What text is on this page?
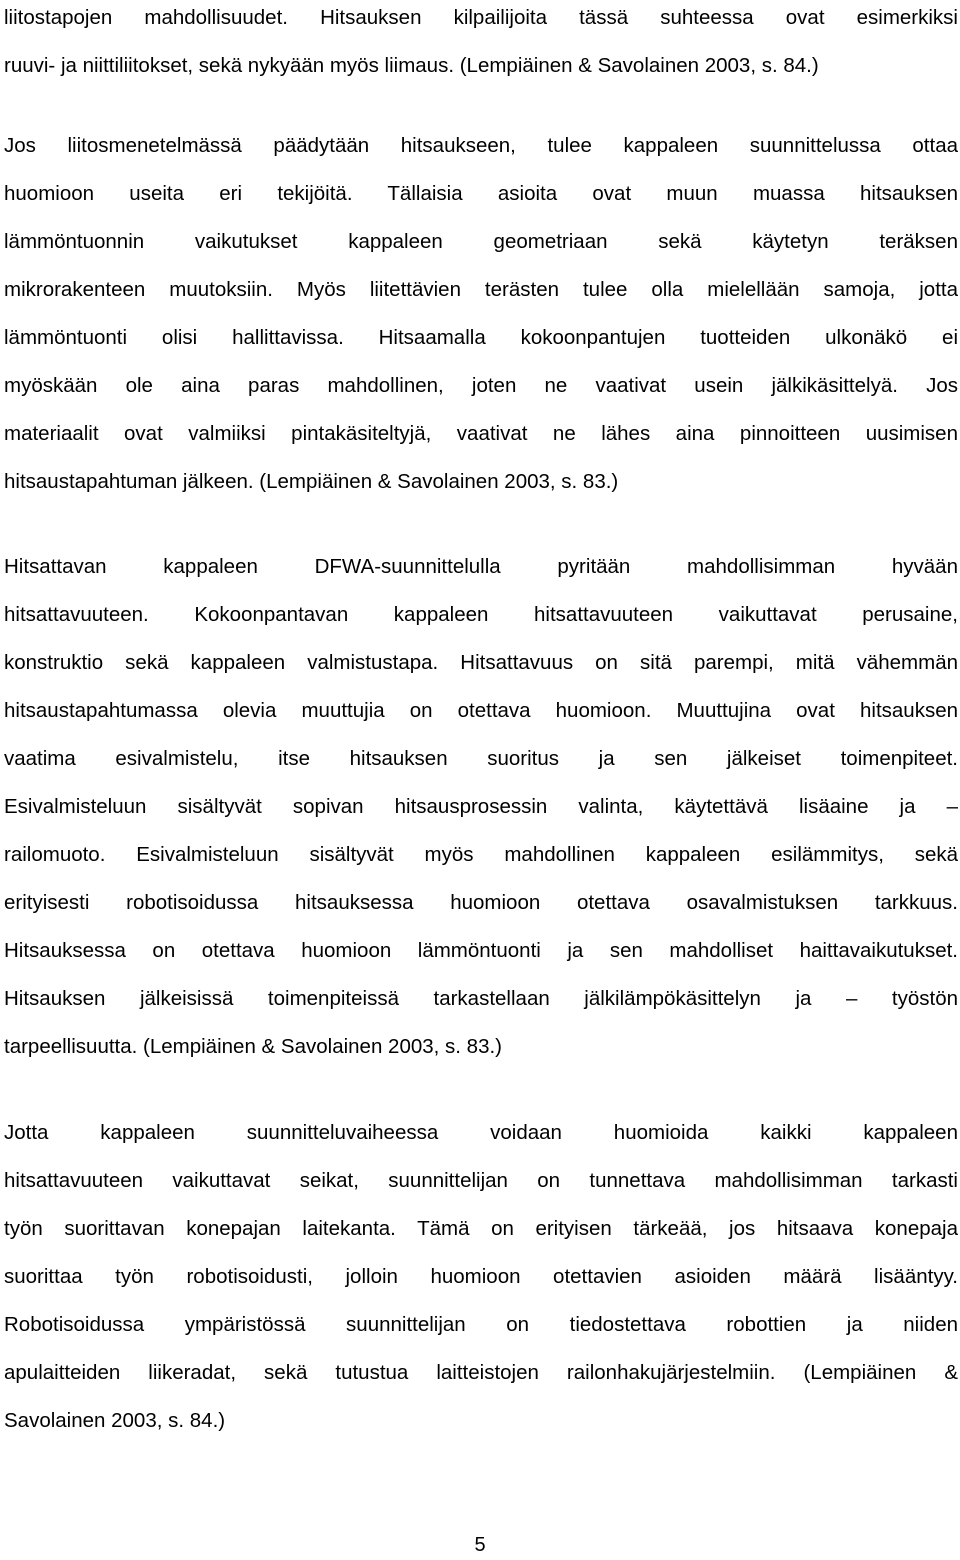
liitostapojen mahdollisuudet. Hitsauksen kilpailijoita tässä suhteessa ovat esimerkiksi
ruuvi- ja niittiliitokset, sekä nykyään myös liimaus. (Lempiäinen & Savolainen 2003, s. 84.)
Jos liitosmenetelmässä päädytään hitsaukseen, tulee kappaleen suunnittelussa ottaa
huomioon useita eri tekijöitä. Tällaisia asioita ovat muun muassa hitsauksen
lämmöntuonnin vaikutukset kappaleen geometriaan sekä käytetyn teräksen
mikrorakenteen muutoksiin. Myös liitettävien terästen tulee olla mielellään samoja, jotta
lämmöntuonti olisi hallittavissa. Hitsaamalla kokoonpantujen tuotteiden ulkonäkö ei
myöskään ole aina paras mahdollinen, joten ne vaativat usein jälkikäsittelyä. Jos
materiaalit ovat valmiiksi pintakäsiteltyjä, vaativat ne lähes aina pinnoitteen uusimisen
hitsaustapahtuman jälkeen. (Lempiäinen & Savolainen 2003, s. 83.)
Hitsattavan kappaleen DFWA-suunnittelulla pyritään mahdollisimman hyvään
hitsattavuuteen. Kokoonpantavan kappaleen hitsattavuuteen vaikuttavat perusaine,
konstruktio sekä kappaleen valmistustapa. Hitsattavuus on sitä parempi, mitä vähemmän
hitsaustapahtumassa olevia muuttujia on otettava huomioon. Muuttujina ovat hitsauksen
vaatima esivalmistelu, itse hitsauksen suoritus ja sen jälkeiset toimenpiteet.
Esivalmisteluun sisältyvät sopivan hitsausprosessin valinta, käytettävä lisäaine ja –
railomuoto. Esivalmisteluun sisältyvät myös mahdollinen kappaleen esilämmitys, sekä
erityisesti robotisoidussa hitsauksessa huomioon otettava osavalmistuksen tarkkuus.
Hitsauksessa on otettava huomioon lämmöntuonti ja sen mahdolliset haittavaikutukset.
Hitsauksen jälkeisissä toimenpiteissä tarkastellaan jälkilämpökäsittelyn ja – työstön
tarpeellisuutta. (Lempiäinen & Savolainen 2003, s. 83.)
Jotta kappaleen suunnitteluvaiheessa voidaan huomioida kaikki kappaleen
hitsattavuuteen vaikuttavat seikat, suunnittelijan on tunnettava mahdollisimman tarkasti
työn suorittavan konepajan laitekanta. Tämä on erityisen tärkeää, jos hitsaava konepaja
suorittaa työn robotisoidusti, jolloin huomioon otettavien asioiden määrä lisääntyy.
Robotisoidussa ympäristössä suunnittelijan on tiedostettava robottien ja niiden
apulaitteiden liikeradat, sekä tutustua laitteistojen railonhakujärjestelmiin. (Lempiäinen &
Savolainen 2003, s. 84.)
5
